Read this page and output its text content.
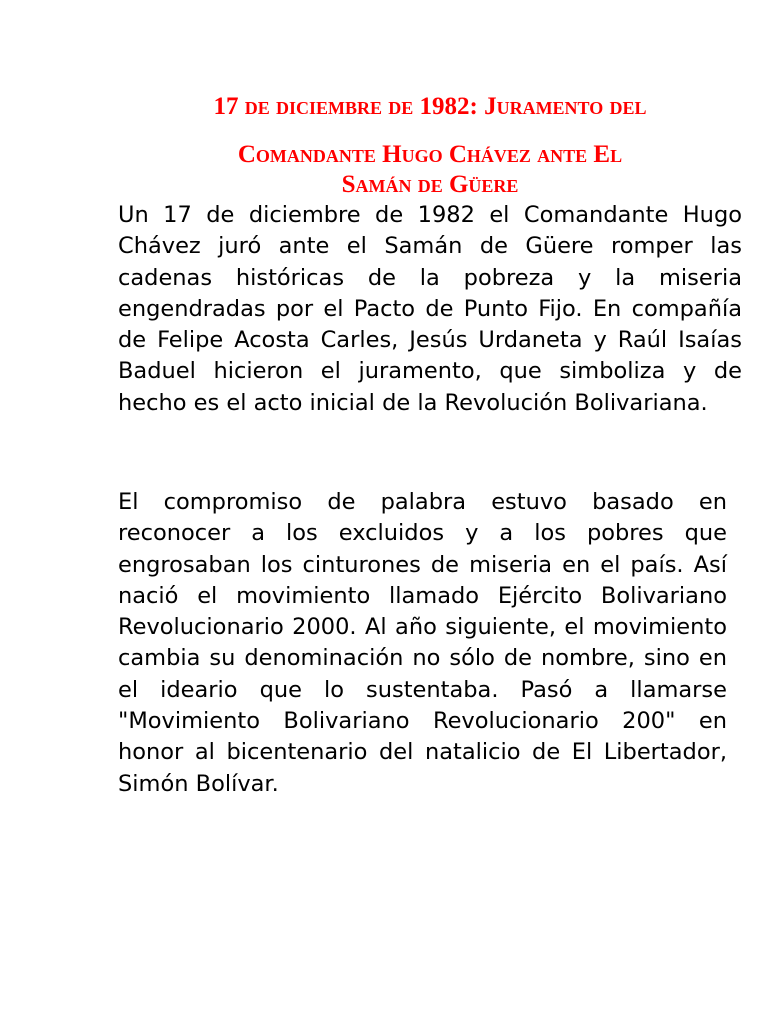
17 de diciembre de 1982: Juramento del
Comandante Hugo Chávez ante El
Samán de Güere

Un 17 de diciembre de 1982 el Comandante Hugo Chávez juró ante el Samán de Güere romper las cadenas históricas de la pobreza y la miseria engendradas por el Pacto de Punto Fijo. En compañía de Felipe Acosta Carles, Jesús Urdaneta y Raúl Isaías Baduel hicieron el juramento, que simboliza y de hecho es el acto inicial de la Revolución Bolivariana.

El compromiso de palabra estuvo basado en reconocer a los excluidos y a los pobres que engrosaban los cinturones de miseria en el país. Así nació el movimiento llamado Ejército Bolivariano Revolucionario 2000. Al año siguiente, el movimiento cambia su denominación no sólo de nombre, sino en el ideario que lo sustentaba. Pasó a llamarse "Movimiento Bolivariano Revolucionario 200" en honor al bicentenario del natalicio de El Libertador, Simón Bolívar.
